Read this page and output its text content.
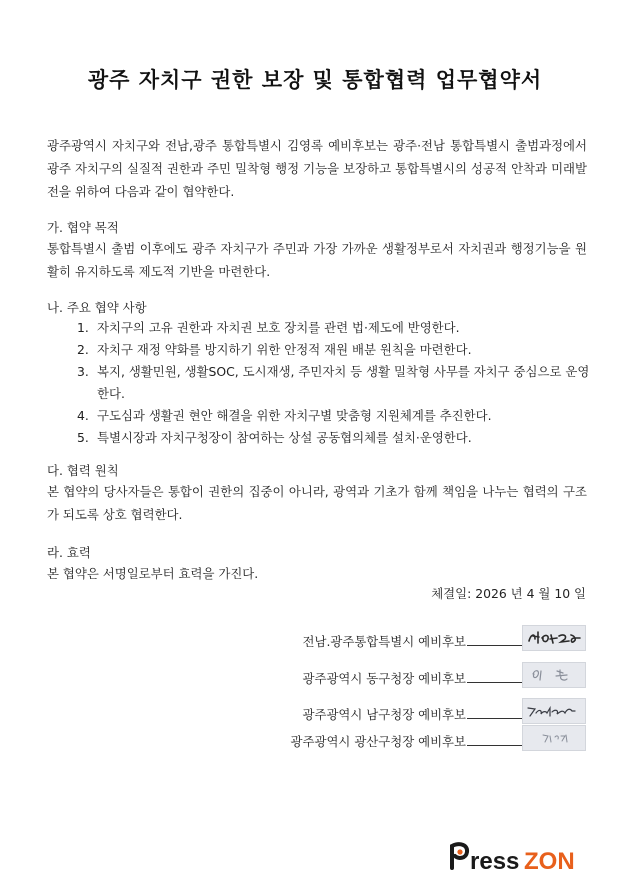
광주 자치구 권한 보장 및 통합협력 업무협약서
광주광역시 자치구와 전남,광주 통합특별시 김영록 예비후보는 광주·전남 통합특별시 출범과정에서 광주 자치구의 실질적 권한과 주민 밀착형 행정 기능을 보장하고 통합특별시의 성공적 안착과 미래발전을 위하여 다음과 같이 협약한다.
가. 협약 목적
통합특별시 출범 이후에도 광주 자치구가 주민과 가장 가까운 생활정부로서 자치권과 행정기능을 원활히 유지하도록 제도적 기반을 마련한다.
나. 주요 협약 사항
1. 자치구의 고유 권한과 자치권 보호 장치를 관련 법·제도에 반영한다.
2. 자치구 재정 약화를 방지하기 위한 안정적 재원 배분 원칙을 마련한다.
3. 복지, 생활민원, 생활SOC, 도시재생, 주민자치 등 생활 밀착형 사무를 자치구 중심으로 운영한다.
4. 구도심과 생활권 현안 해결을 위한 자치구별 맞춤형 지원체계를 추진한다.
5. 특별시장과 자치구청장이 참여하는 상설 공동협의체를 설치·운영한다.
다. 협력 원칙
본 협약의 당사자들은 통합이 권한의 집중이 아니라, 광역과 기초가 함께 책임을 나누는 협력의 구조가 되도록 상호 협력한다.
라. 효력
본 협약은 서명일로부터 효력을 가진다.
체결일: 2026 년 4 월 10 일
전남.광주통합특별시 예비후보
광주광역시 동구청장 예비후보
광주광역시 남구청장 예비후보
광주광역시 광산구청장 예비후보
ress ZON
